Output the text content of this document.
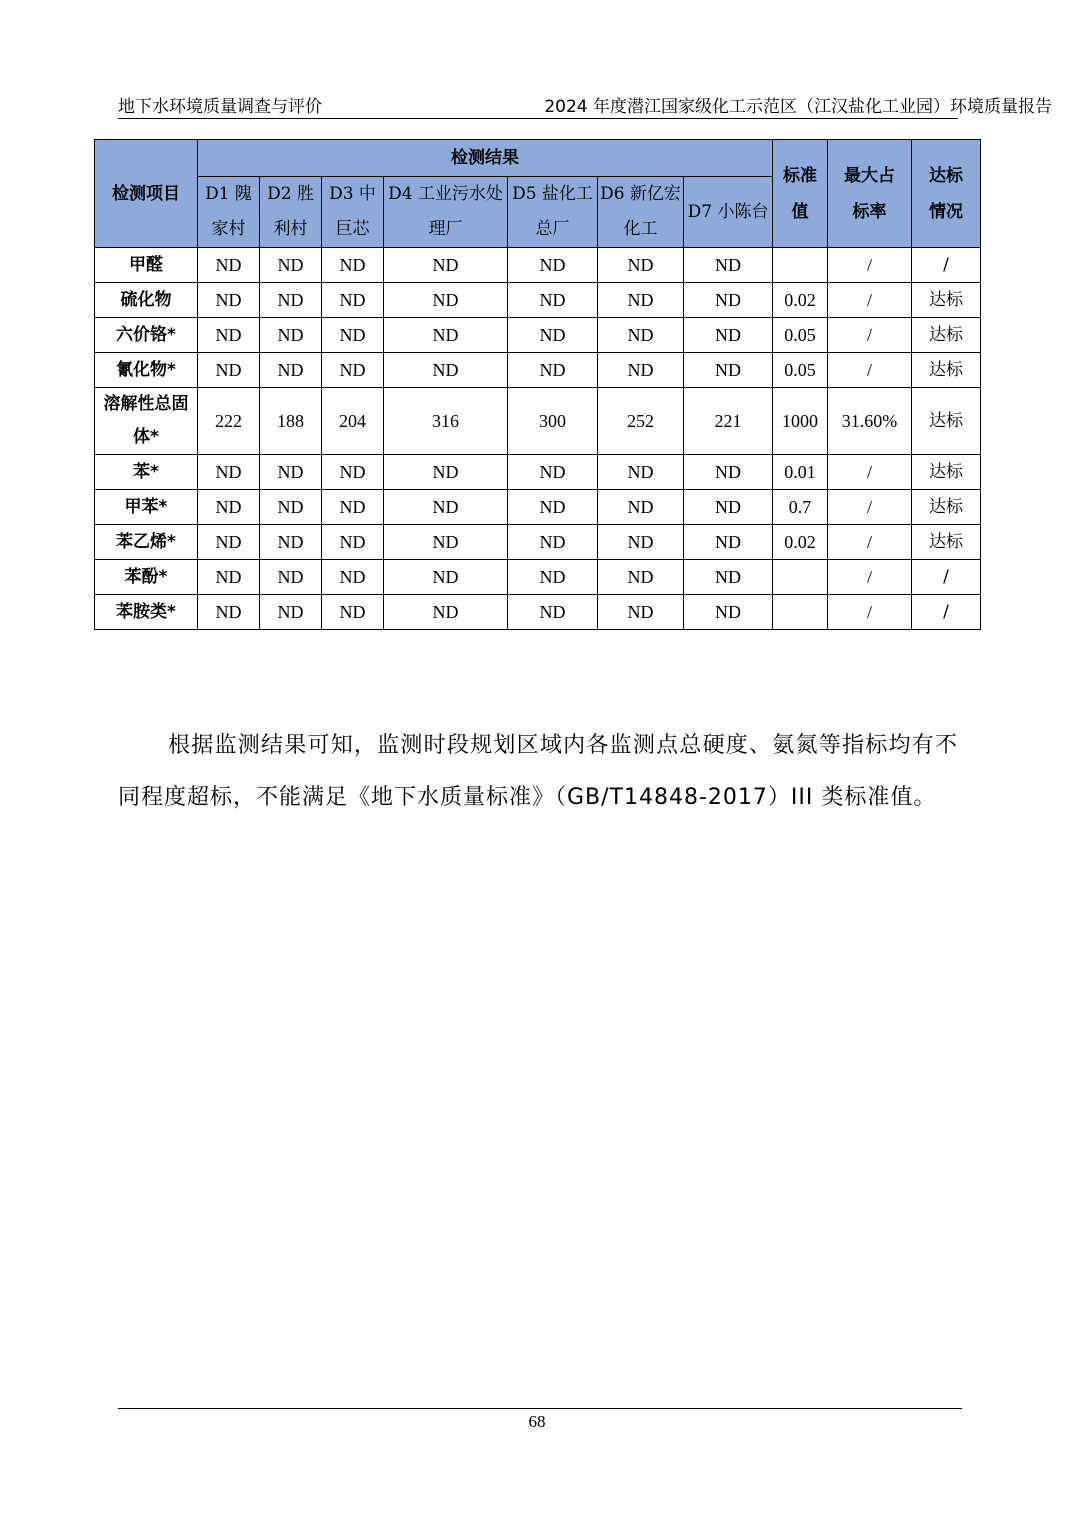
地下水环境质量调查与评价	2024 年度潜江国家级化工示范区（江汉盐化工业园）环境质量报告
检测项目	检测结果							标准值	最大占标率	达标情况

	D1 隗家村	D2 胜利村	D3 中巨芯	D4 工业污水处理厂	D5 盐化工总厂	D6 新亿宏化工	D7 小陈台			

甲醛	ND	ND	ND	ND	ND	ND	ND		/	/
硫化物	ND	ND	ND	ND	ND	ND	ND	0.02	/	达标
六价铬*	ND	ND	ND	ND	ND	ND	ND	0.05	/	达标
氰化物*	ND	ND	ND	ND	ND	ND	ND	0.05	/	达标

溶解性总固体*	222	188	204	316	300	252	221	1000	31.60%	达标
苯*	ND	ND	ND	ND	ND	ND	ND	0.01	/	达标
甲苯*	ND	ND	ND	ND	ND	ND	ND	0.7	/	达标
苯乙烯*	ND	ND	ND	ND	ND	ND	ND	0.02	/	达标
苯酚*	ND	ND	ND	ND	ND	ND	ND		/	/
苯胺类*	ND	ND	ND	ND	ND	ND	ND		/	/
根据监测结果可知，监测时段规划区域内各监测点总硬度、氨氮等指标均有不同程度超标，不能满足《地下水质量标准》（GB/T14848-2017）III 类标准值。
68
